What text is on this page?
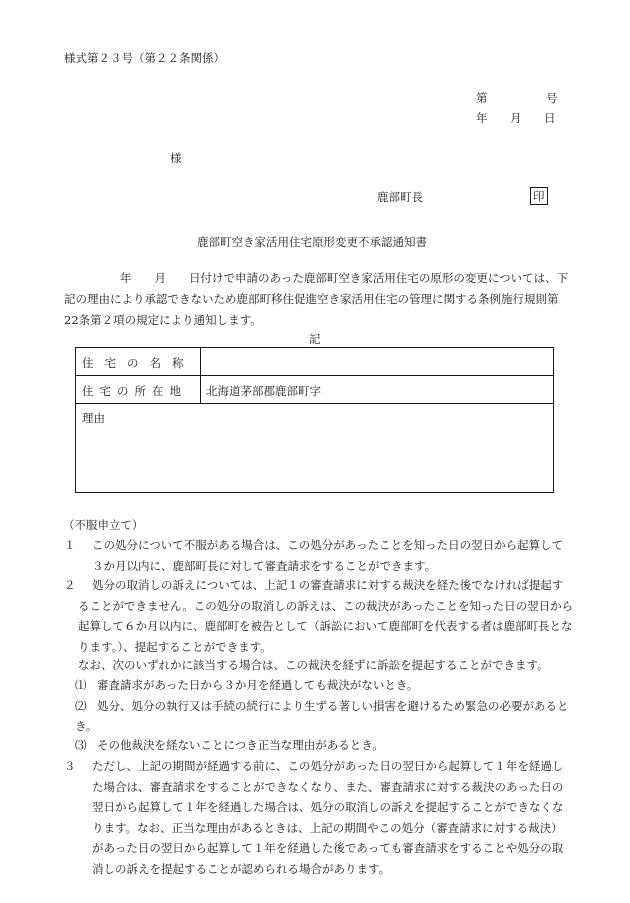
様式第２３号（第２２条関係）
第	号
年 月 日
様
鹿部町長	印
鹿部町空き家活用住宅原形変更不承認通知書
年　　月　　日付けで申請のあった鹿部町空き家活用住宅の原形の変更については、下記の理由により承認できないため鹿部町移住促進空き家活用住宅の管理に関する条例施行規則第22条第２項の規定により通知します。
記
住宅の名称
住宅の所在地 北海道茅部郡鹿部町字
理由
（不服申立て）
１	この処分について不服がある場合は、この処分があったことを知った日の翌日から起算して３か月以内に、鹿部町長に対して審査請求をすることができます。
２	処分の取消しの訴えについては、上記１の審査請求に対する裁決を経た後でなければ提起することができません。この処分の取消しの訴えは、この裁決があったことを知った日の翌日から起算して６か月以内に、鹿部町を被告として（訴訟において鹿部町を代表する者は鹿部町長となります。）、提起することができます。
なお、次のいずれかに該当する場合は、この裁決を経ずに訴訟を提起することができます。
⑴ 審査請求があった日から３か月を経過しても裁決がないとき。
⑵ 処分、処分の執行又は手続の続行により生ずる著しい損害を避けるため緊急の必要があるとき。
⑶ その他裁決を経ないことにつき正当な理由があるとき。
３	ただし、上記の期間が経過する前に、この処分があった日の翌日から起算して１年を経過した場合は、審査請求をすることができなくなり、また、審査請求に対する裁決のあった日の翌日から起算して１年を経過した場合は、処分の取消しの訴えを提起することができなくなります。なお、正当な理由があるときは、上記の期間やこの処分（審査請求に対する裁決）があった日の翌日から起算して１年を経過した後であっても審査請求をすることや処分の取消しの訴えを提起することが認められる場合があります。
